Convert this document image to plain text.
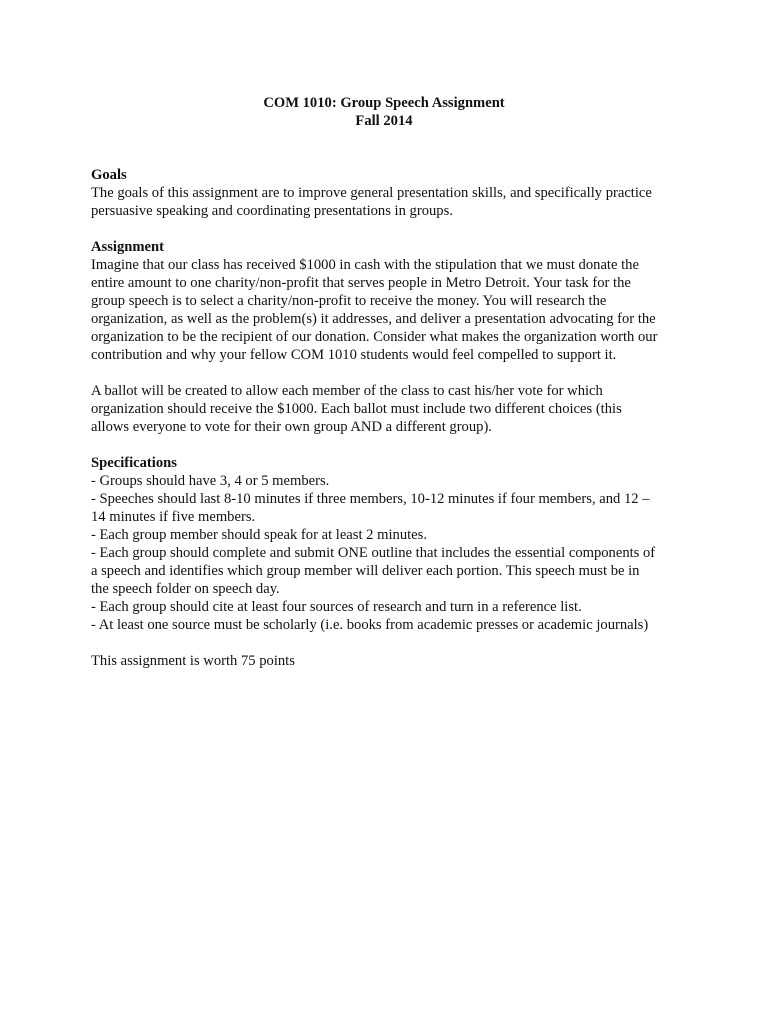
COM 1010: Group Speech Assignment
Fall 2014
Goals
The goals of this assignment are to improve general presentation skills, and specifically practice
persuasive speaking and coordinating presentations in groups.
Assignment
Imagine that our class has received $1000 in cash with the stipulation that we must donate the
entire amount to one charity/non-profit that serves people in Metro Detroit. Your task for the
group speech is to select a charity/non-profit to receive the money. You will research the
organization, as well as the problem(s) it addresses, and deliver a presentation advocating for the
organization to be the recipient of our donation. Consider what makes the organization worth our
contribution and why your fellow COM 1010 students would feel compelled to support it.
A ballot will be created to allow each member of the class to cast his/her vote for which
organization should receive the $1000. Each ballot must include two different choices (this
allows everyone to vote for their own group AND a different group).
Specifications
- Groups should have 3, 4 or 5 members.
- Speeches should last 8-10 minutes if three members, 10-12 minutes if four members, and 12 –
14 minutes if five members.
- Each group member should speak for at least 2 minutes.
- Each group should complete and submit ONE outline that includes the essential components of
a speech and identifies which group member will deliver each portion. This speech must be in
the speech folder on speech day.
- Each group should cite at least four sources of research and turn in a reference list.
- At least one source must be scholarly (i.e. books from academic presses or academic journals)

This assignment is worth 75 points
